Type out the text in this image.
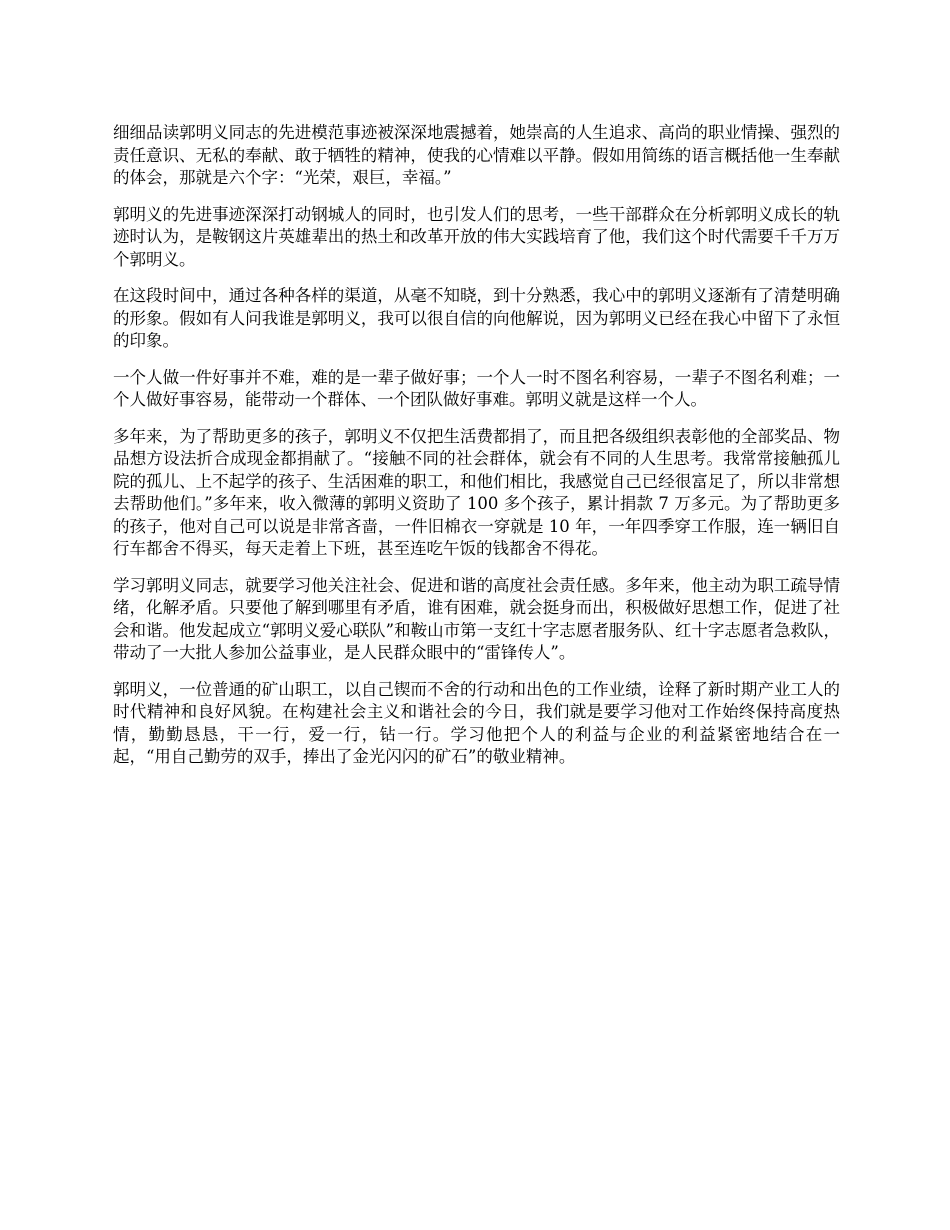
细细品读郭明义同志的先进模范事迹被深深地震撼着，她崇高的人生追求、高尚的职业情操、强烈的责任意识、无私的奉献、敢于牺牲的精神，使我的心情难以平静。假如用简练的语言概括他一生奉献的体会，那就是六个字：“光荣，艰巨，幸福。”

郭明义的先进事迹深深打动钢城人的同时，也引发人们的思考，一些干部群众在分析郭明义成长的轨迹时认为，是鞍钢这片英雄辈出的热土和改革开放的伟大实践培育了他，我们这个时代需要千千万万个郭明义。

在这段时间中，通过各种各样的渠道，从毫不知晓，到十分熟悉，我心中的郭明义逐渐有了清楚明确的形象。假如有人问我谁是郭明义，我可以很自信的向他解说，因为郭明义已经在我心中留下了永恒的印象。

一个人做一件好事并不难，难的是一辈子做好事；一个人一时不图名利容易，一辈子不图名利难；一个人做好事容易，能带动一个群体、一个团队做好事难。郭明义就是这样一个人。

多年来，为了帮助更多的孩子，郭明义不仅把生活费都捐了，而且把各级组织表彰他的全部奖品、物品想方设法折合成现金都捐献了。“接触不同的社会群体，就会有不同的人生思考。我常常接触孤儿院的孤儿、上不起学的孩子、生活困难的职工，和他们相比，我感觉自己已经很富足了，所以非常想去帮助他们。”多年来，收入微薄的郭明义资助了 100 多个孩子，累计捐款 7 万多元。为了帮助更多的孩子，他对自己可以说是非常吝啬，一件旧棉衣一穿就是 10 年，一年四季穿工作服，连一辆旧自行车都舍不得买，每天走着上下班，甚至连吃午饭的钱都舍不得花。

学习郭明义同志，就要学习他关注社会、促进和谐的高度社会责任感。多年来，他主动为职工疏导情绪，化解矛盾。只要他了解到哪里有矛盾，谁有困难，就会挺身而出，积极做好思想工作，促进了社会和谐。他发起成立“郭明义爱心联队”和鞍山市第一支红十字志愿者服务队、红十字志愿者急救队，带动了一大批人参加公益事业，是人民群众眼中的“雷锋传人”。

郭明义，一位普通的矿山职工，以自己锲而不舍的行动和出色的工作业绩，诠释了新时期产业工人的时代精神和良好风貌。在构建社会主义和谐社会的今日，我们就是要学习他对工作始终保持高度热情，勤勤恳恳，干一行，爱一行，钻一行。学习他把个人的利益与企业的利益紧密地结合在一起，“用自己勤劳的双手，捧出了金光闪闪的矿石”的敬业精神。
